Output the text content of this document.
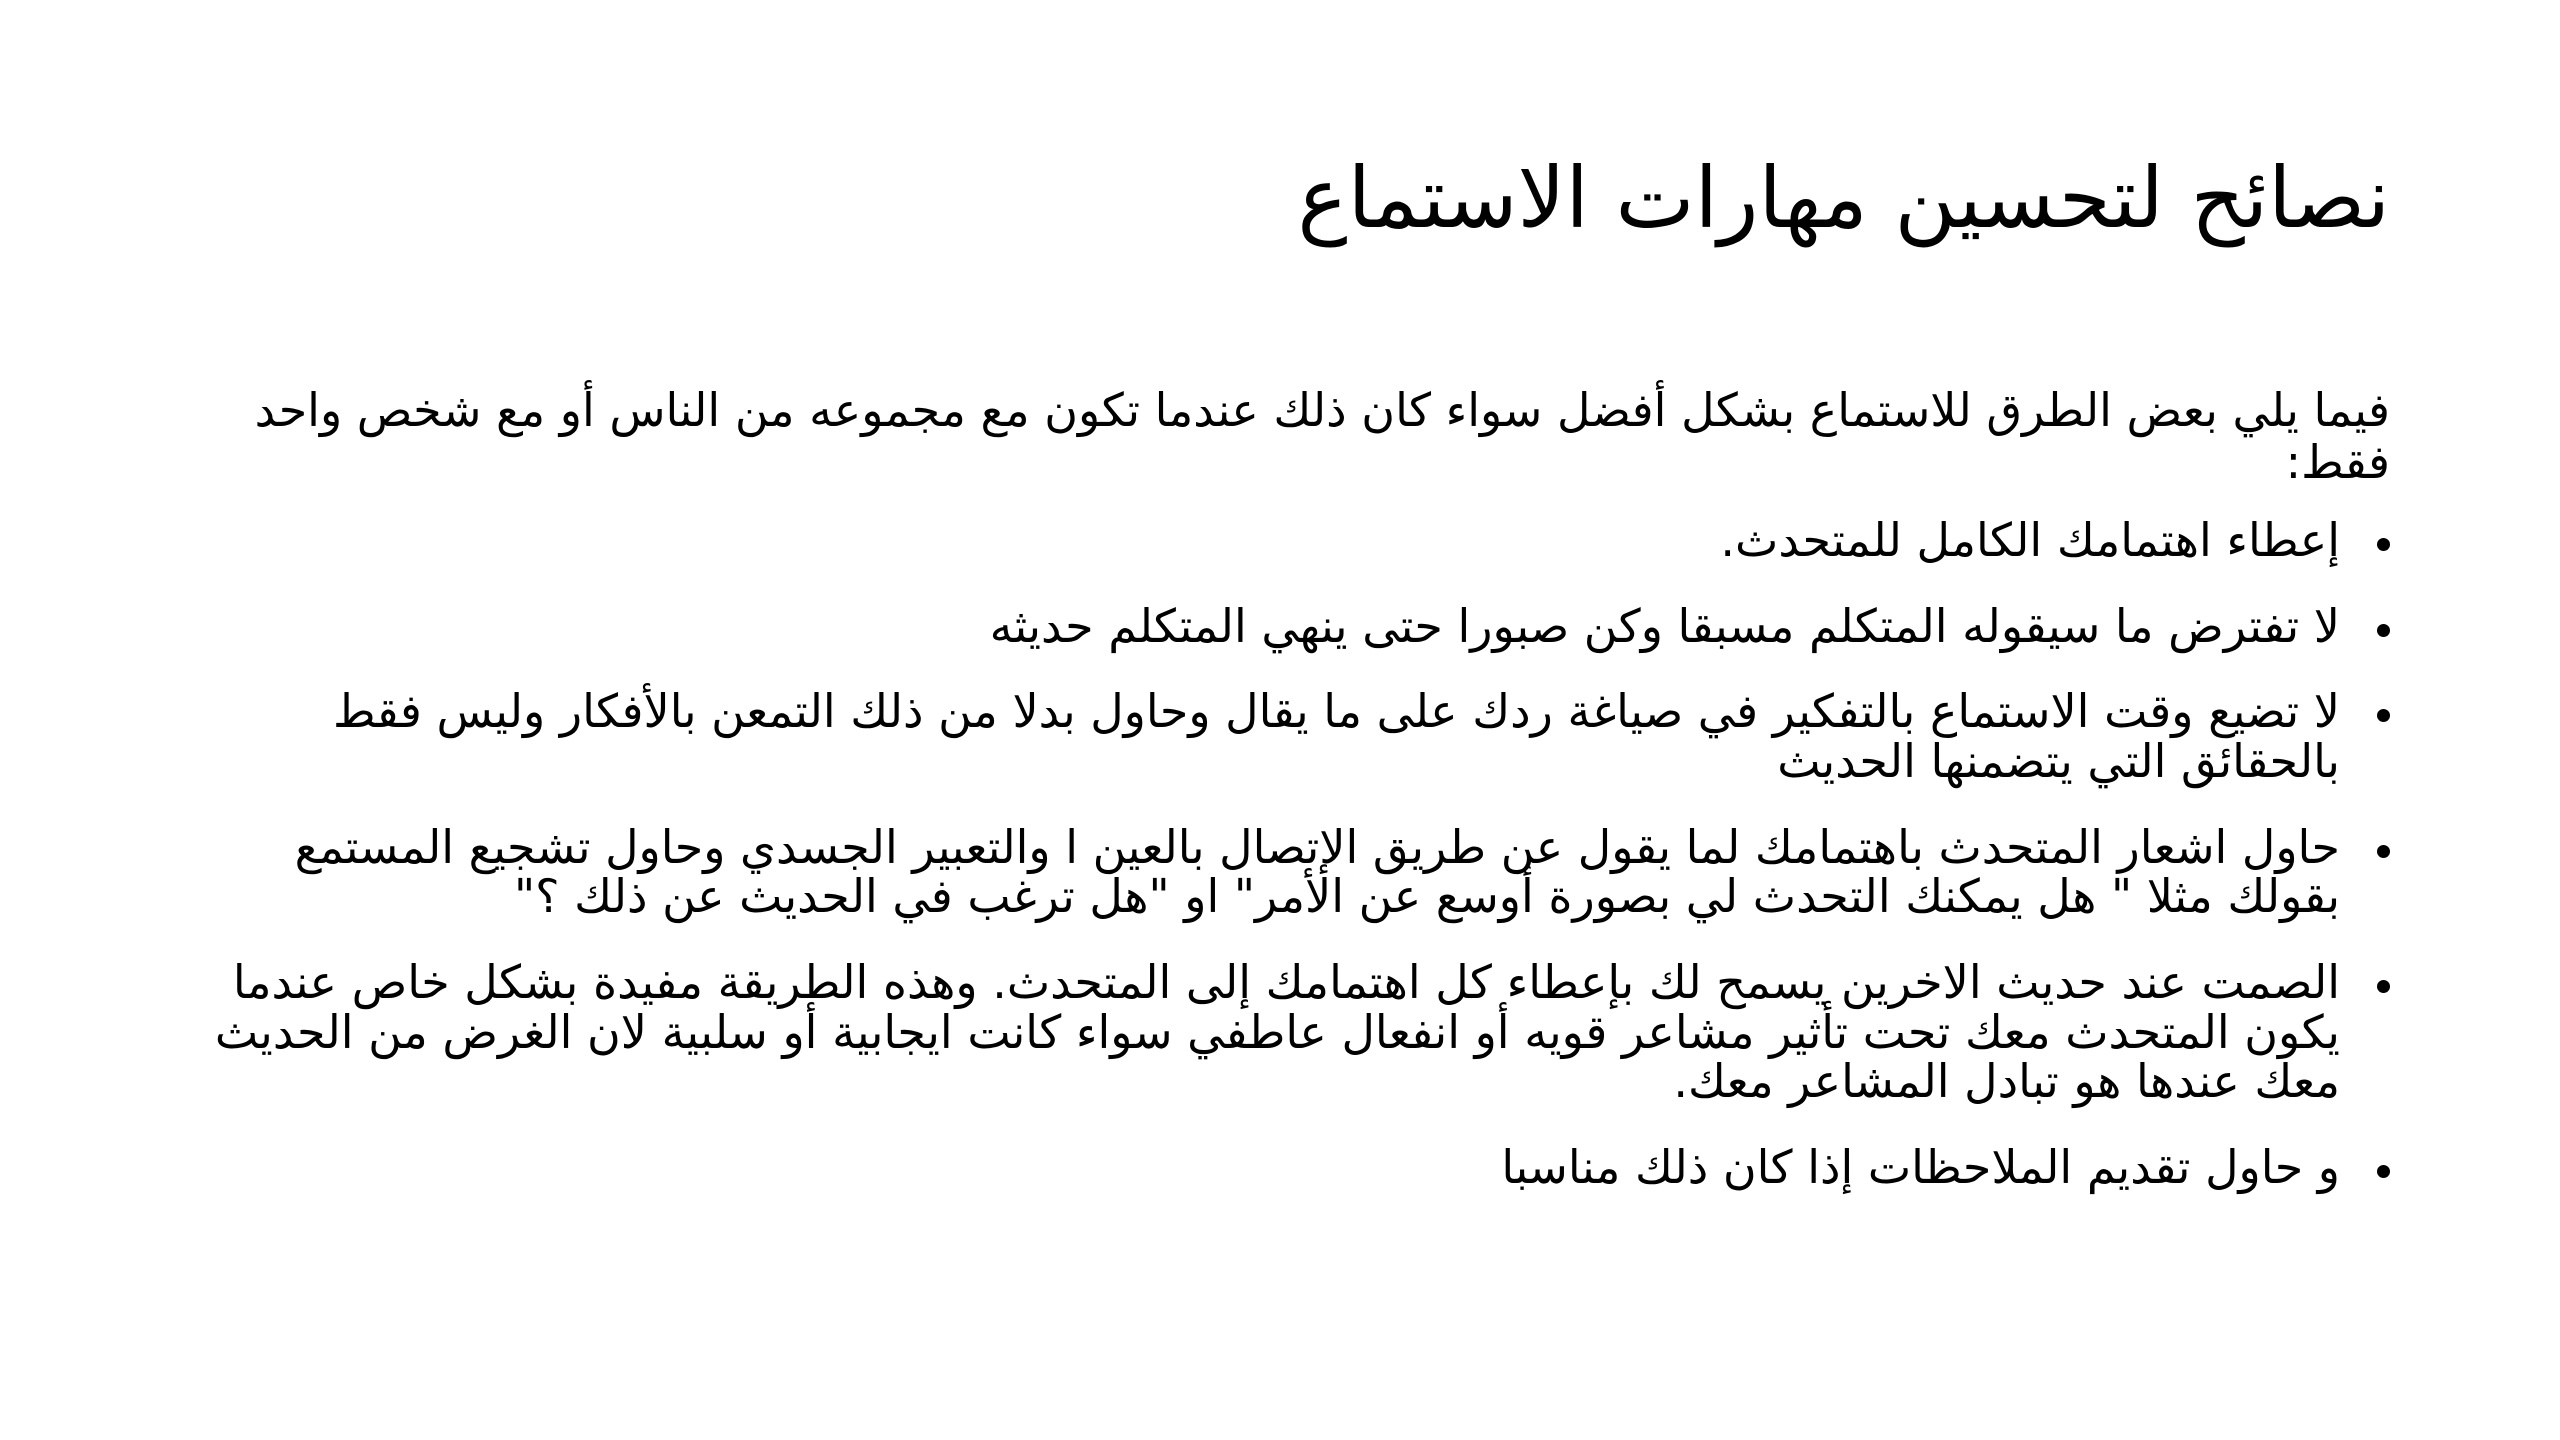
نصائح لتحسين مهارات الاستماع

فيما يلي بعض الطرق للاستماع بشكل أفضل سواء كان ذلك عندما تكون مع مجموعه من الناس أو مع شخص واحد فقط:

إعطاء اهتمامك الكامل للمتحدث.
لا تفترض ما سيقوله المتكلم مسبقا وكن صبورا حتى ينهي المتكلم حديثه
لا تضيع وقت الاستماع بالتفكير في صياغة ردك على ما يقال وحاول بدلا من ذلك التمعن بالأفكار وليس فقط بالحقائق التي يتضمنها الحديث
حاول اشعار المتحدث باهتمامك لما يقول عن طريق الإتصال بالعين ا والتعبير الجسدي وحاول تشجيع المستمع بقولك مثلا " هل يمكنك التحدث لي بصورة أوسع عن الأمر" او "هل ترغب في الحديث عن ذلك ؟"
الصمت عند حديث الاخرين يسمح لك بإعطاء كل اهتمامك إلى المتحدث. وهذه الطريقة مفيدة بشكل خاص عندما يكون المتحدث معك تحت تأثير مشاعر قويه أو انفعال عاطفي سواء كانت ايجابية أو سلبية لان الغرض من الحديث معك عندها هو تبادل المشاعر معك.
و حاول تقديم الملاحظات إذا كان ذلك مناسبا
